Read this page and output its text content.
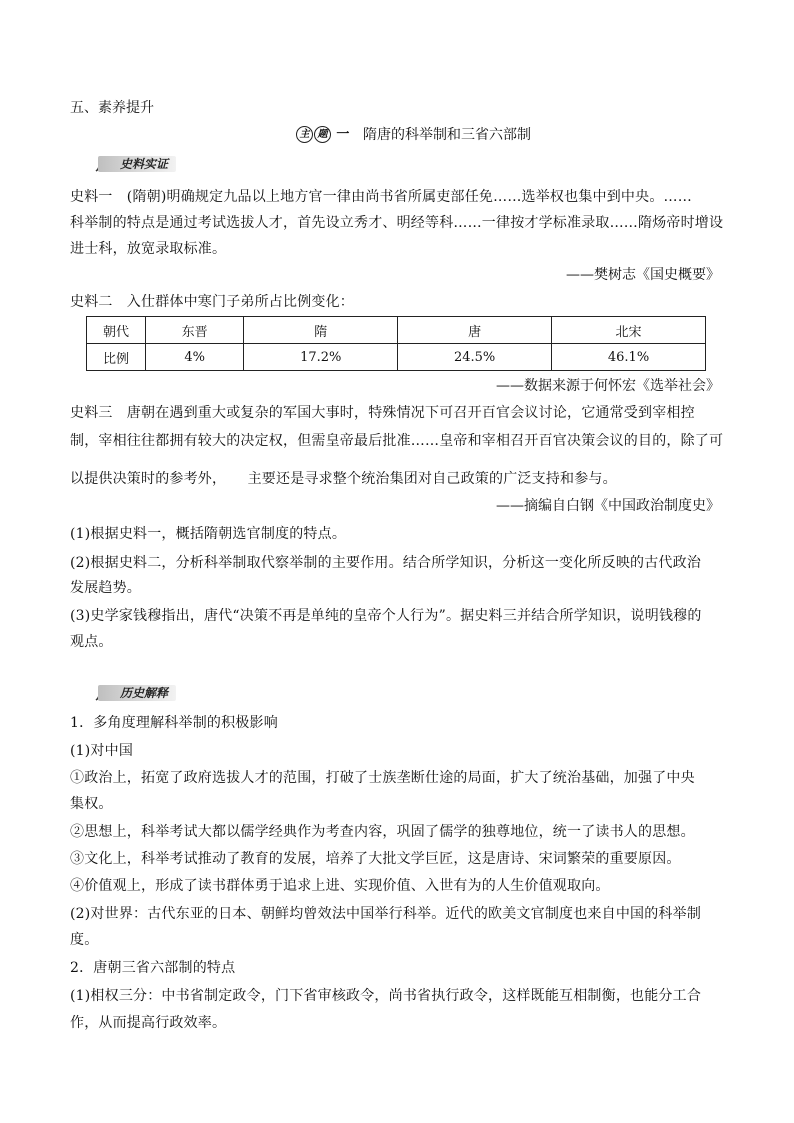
五、素养提升
主 题 一	隋唐的科举制和三省六部制
史料实证
史料一　(隋朝)明确规定九品以上地方官一律由尚书省所属吏部任免……选举权也集中到中央。……
科举制的特点是通过考试选拔人才，首先设立秀才、明经等科……一律按才学标准录取……隋炀帝时增设
进士科，放宽录取标准。
——樊树志《国史概要》
史料二　入仕群体中寒门子弟所占比例变化：
朝代	东晋	隋	唐	北宋
比例	4%	17.2%	24.5%	46.1%
——数据来源于何怀宏《选举社会》
史料三　唐朝在遇到重大或复杂的军国大事时，特殊情况下可召开百官会议讨论，它通常受到宰相控
制，宰相往往都拥有较大的决定权，但需皇帝最后批准……皇帝和宰相召开百官决策会议的目的，除了可
以提供决策时的参考外，　　主要还是寻求整个统治集团对自己政策的广泛支持和参与。
——摘编自白钢《中国政治制度史》
(1)根据史料一，概括隋朝选官制度的特点。
(2)根据史料二，分析科举制取代察举制的主要作用。结合所学知识，分析这一变化所反映的古代政治
发展趋势。
(3)史学家钱穆指出，唐代“决策不再是单纯的皇帝个人行为”。据史料三并结合所学知识，说明钱穆的
观点。
历史解释
1．多角度理解科举制的积极影响
(1)对中国
①政治上，拓宽了政府选拔人才的范围，打破了士族垄断仕途的局面，扩大了统治基础，加强了中央
集权。
②思想上，科举考试大都以儒学经典作为考查内容，巩固了儒学的独尊地位，统一了读书人的思想。
③文化上，科举考试推动了教育的发展，培养了大批文学巨匠，这是唐诗、宋词繁荣的重要原因。
④价值观上，形成了读书群体勇于追求上进、实现价值、入世有为的人生价值观取向。
(2)对世界：古代东亚的日本、朝鲜均曾效法中国举行科举。近代的欧美文官制度也来自中国的科举制
度。
2．唐朝三省六部制的特点
(1)相权三分：中书省制定政令，门下省审核政令，尚书省执行政令，这样既能互相制衡，也能分工合
作，从而提高行政效率。
